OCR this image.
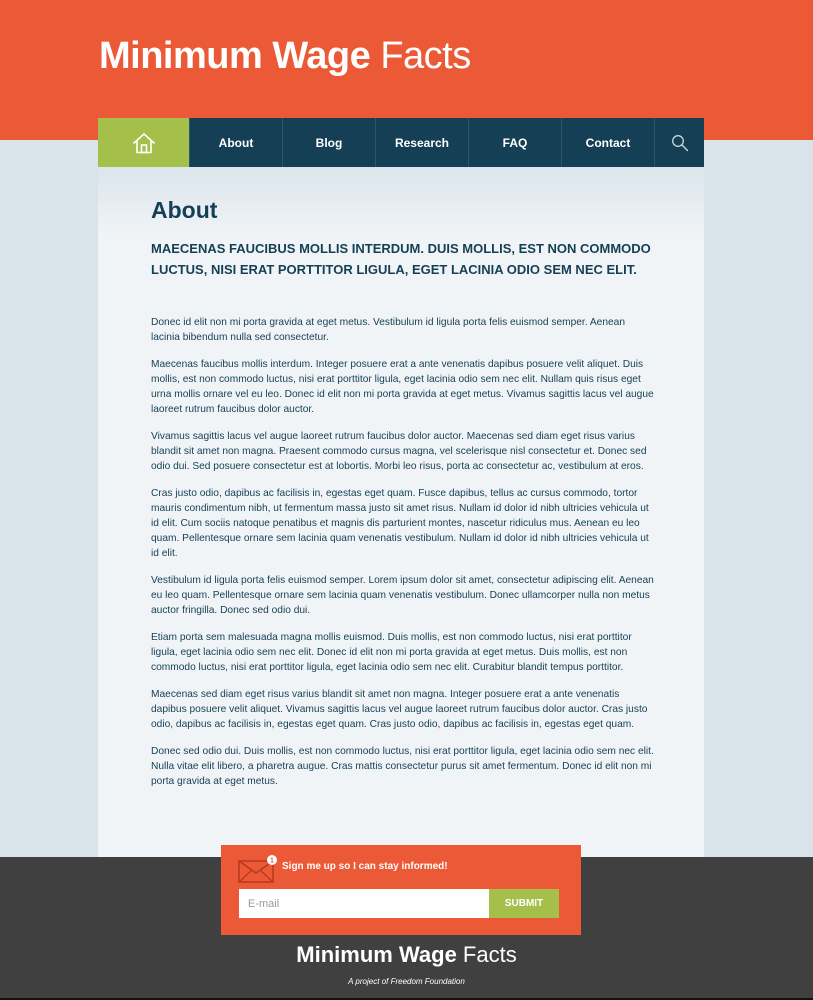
Minimum Wage Facts
About	Blog	Research	FAQ	Contact
About
MAECENAS FAUCIBUS MOLLIS INTERDUM. DUIS MOLLIS, EST NON COMMODO LUCTUS, NISI ERAT PORTTITOR LIGULA, EGET LACINIA ODIO SEM NEC ELIT.

Donec id elit non mi porta gravida at eget metus. Vestibulum id ligula porta felis euismod semper. Aenean lacinia bibendum nulla sed consectetur.

Maecenas faucibus mollis interdum. Integer posuere erat a ante venenatis dapibus posuere velit aliquet. Duis mollis, est non commodo luctus, nisi erat porttitor ligula, eget lacinia odio sem nec elit. Nullam quis risus eget urna mollis ornare vel eu leo. Donec id elit non mi porta gravida at eget metus. Vivamus sagittis lacus vel augue laoreet rutrum faucibus dolor auctor.

Vivamus sagittis lacus vel augue laoreet rutrum faucibus dolor auctor. Maecenas sed diam eget risus varius blandit sit amet non magna. Praesent commodo cursus magna, vel scelerisque nisl consectetur et. Donec sed odio dui. Sed posuere consectetur est at lobortis. Morbi leo risus, porta ac consectetur ac, vestibulum at eros.

Cras justo odio, dapibus ac facilisis in, egestas eget quam. Fusce dapibus, tellus ac cursus commodo, tortor mauris condimentum nibh, ut fermentum massa justo sit amet risus. Nullam id dolor id nibh ultricies vehicula ut id elit. Cum sociis natoque penatibus et magnis dis parturient montes, nascetur ridiculus mus. Aenean eu leo quam. Pellentesque ornare sem lacinia quam venenatis vestibulum. Nullam id dolor id nibh ultricies vehicula ut id elit.

Vestibulum id ligula porta felis euismod semper. Lorem ipsum dolor sit amet, consectetur adipiscing elit. Aenean eu leo quam. Pellentesque ornare sem lacinia quam venenatis vestibulum. Donec ullamcorper nulla non metus auctor fringilla. Donec sed odio dui.

Etiam porta sem malesuada magna mollis euismod. Duis mollis, est non commodo luctus, nisi erat porttitor ligula, eget lacinia odio sem nec elit. Donec id elit non mi porta gravida at eget metus. Duis mollis, est non commodo luctus, nisi erat porttitor ligula, eget lacinia odio sem nec elit. Curabitur blandit tempus porttitor.

Maecenas sed diam eget risus varius blandit sit amet non magna. Integer posuere erat a ante venenatis dapibus posuere velit aliquet. Vivamus sagittis lacus vel augue laoreet rutrum faucibus dolor auctor. Cras justo odio, dapibus ac facilisis in, egestas eget quam. Cras justo odio, dapibus ac facilisis in, egestas eget quam.

Donec sed odio dui. Duis mollis, est non commodo luctus, nisi erat porttitor ligula, eget lacinia odio sem nec elit. Nulla vitae elit libero, a pharetra augue. Cras mattis consectetur purus sit amet fermentum. Donec id elit non mi porta gravida at eget metus.

1 Sign me up so I can stay informed!
E-mail
SUBMIT
Minimum Wage Facts
A project of Freedom Foundation
